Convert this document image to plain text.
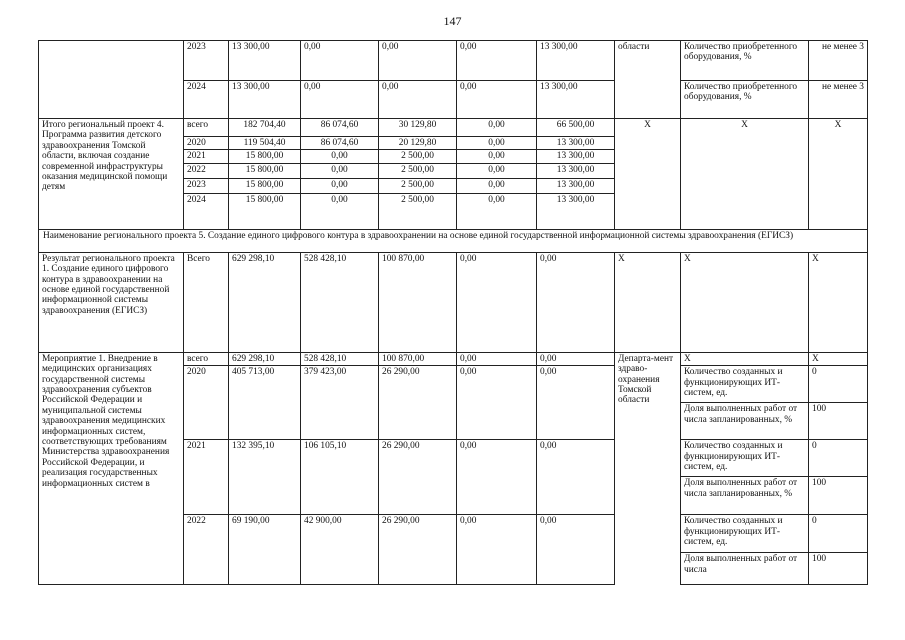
147
	2023	13 300,00	0,00	0,00	0,00	13 300,00	области	Количество приобретенного оборудования, %	не менее 3
	2024	13 300,00	0,00	0,00	0,00	13 300,00		Количество приобретенного оборудования, %	не менее 3
Итого региональный проект 4. Программа развития детского здравоохранения Томской области, включая создание современной инфраструктуры оказания медицинской помощи детям	всего	182 704,40	86 074,60	30 129,80	0,00	66 500,00	Х	Х	Х
	2020	119 504,40	86 074,60	20 129,80	0,00	13 300,00			
	2021	15 800,00	0,00	2 500,00	0,00	13 300,00			
	2022	15 800,00	0,00	2 500,00	0,00	13 300,00			
	2023	15 800,00	0,00	2 500,00	0,00	13 300,00			
	2024	15 800,00	0,00	2 500,00	0,00	13 300,00			
Наименование регионального проекта 5. Создание единого цифрового контура в здравоохранении на основе единой государственной информационной системы здравоохранения (ЕГИСЗ)									
Результат регионального проекта 1. Создание единого цифрового контура в здравоохранении на основе единой государственной информационной системы здравоохранения (ЕГИСЗ)	Всего	629 298,10	528 428,10	100 870,00	0,00	0,00	Х	Х	Х
Мероприятие 1. Внедрение в медицинских организациях государственной системы здравоохранения субъектов Российской Федерации и муниципальной системы здравоохранения медицинских информационных систем, соответствующих требованиям Министерства здравоохранения Российской Федерации, и реализация государственных информационных систем в	всего	629 298,10	528 428,10	100 870,00	0,00	0,00	Департа-мент здраво-охранения Томской области	Х	Х
	2020	405 713,00	379 423,00	26 290,00	0,00	0,00		Количество созданных и функционирующих ИТ-систем, ед.	0
								Доля выполненных работ от числа запланированных, %	100
	2021	132 395,10	106 105,10	26 290,00	0,00	0,00		Количество созданных и функционирующих ИТ-систем, ед.	0
								Доля выполненных работ от числа запланированных, %	100
	2022	69 190,00	42 900,00	26 290,00	0,00	0,00		Количество созданных и функционирующих ИТ-систем, ед.	0
								Доля выполненных работ от числа	100
